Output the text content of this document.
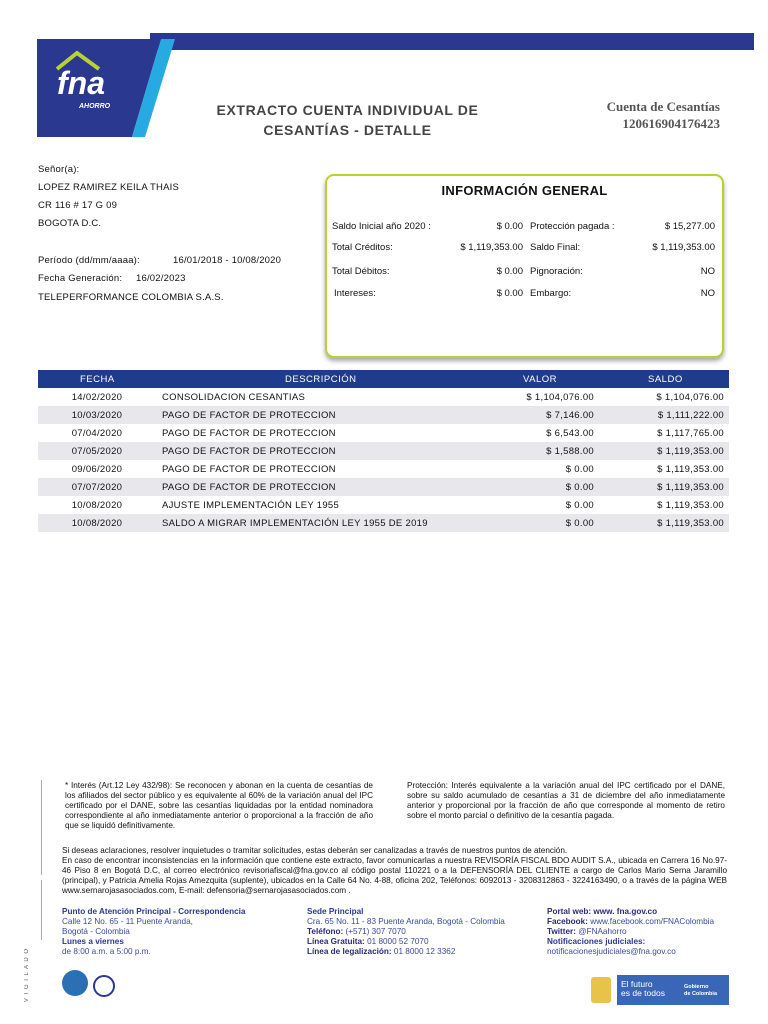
fna
AHORRO	EXTRACTO CUENTA INDIVIDUAL DE
CESANTÍAS - DETALLE
Cuenta de Cesantías
120616904176423
Señor(a):
LOPEZ RAMIREZ KEILA THAIS
CR 116 # 17 G 09
BOGOTA D.C.
Período (dd/mm/aaaa):	16/01/2018 - 10/08/2020
Fecha Generación: 16/02/2023
TELEPERFORMANCE COLOMBIA S.A.S.
INFORMACIÓN GENERAL
Saldo Inicial año 2020 :	$ 0.00
Total Créditos:	$ 1,119,353.00
Total Débitos:	$ 0.00
Intereses:	$ 0.00
Protección pagada :	$ 15,277.00
Saldo Final:	$ 1,119,353.00
Pignoración:	NO
Embargo:	NO
FECHA	DESCRIPCIÓN	VALOR	SALDO
14/02/2020	CONSOLIDACION CESANTIAS	$ 1,104,076.00	$ 1,104,076.00
10/03/2020	PAGO DE FACTOR DE PROTECCION	$ 7,146.00	$ 1,111,222.00
07/04/2020	PAGO DE FACTOR DE PROTECCION	$ 6,543.00	$ 1,117,765.00
07/05/2020	PAGO DE FACTOR DE PROTECCION	$ 1,588.00	$ 1,119,353.00
09/06/2020	PAGO DE FACTOR DE PROTECCION	$ 0.00	$ 1,119,353.00
07/07/2020	PAGO DE FACTOR DE PROTECCION	$ 0.00	$ 1,119,353.00
10/08/2020	AJUSTE IMPLEMENTACIÓN LEY 1955	$ 0.00	$ 1,119,353.00
10/08/2020	SALDO A MIGRAR IMPLEMENTACIÓN LEY 1955 DE 2019	$ 0.00	$ 1,119,353.00
* Interés (Art.12 Ley 432/98): Se reconocen y abonan en la cuenta de cesantías de los afiliados del sector público y es equivalente al 60% de la variación anual del IPC certificado por el DANE, sobre las cesantías liquidadas por la entidad nominadora correspondiente al año inmediatamente anterior o proporcional a la fracción de año que se liquidó definitivamente.
Protección: Interés equivalente a la variación anual del IPC certificado por el DANE, sobre su saldo acumulado de cesantías a 31 de diciembre del año inmediatamente anterior y proporcional por la fracción de año que corresponde al momento de retiro sobre el monto parcial o definitivo de la cesantía pagada.
Si deseas aclaraciones, resolver inquietudes o tramitar solicitudes, estas deberán ser canalizadas a través de nuestros puntos de atención.
En caso de encontrar inconsistencias en la información que contiene este extracto, favor comunicarlas a nuestra REVISORÍA FISCAL BDO AUDIT S.A., ubicada en Carrera 16 No.97-46 Piso 8 en Bogotá D.C, al correo electrónico revisoriafiscal@fna.gov.co al código postal 110221 o a la DEFENSORÍA DEL CLIENTE a cargo de Carlos Mario Serna Jaramillo (principal), y Patricia Amelia Rojas Amezquita (suplente), ubicados en la Calle 64 No. 4-88, oficina 202, Teléfonos: 6092013 - 3208312863 - 3224163490, o a través de la página WEB www.sernarojasasociados.com, E-mail: defensoria@sernarojasasociados.com .
V I G I L A D O
Punto de Atención Principal - Correspondencia
Calle 12 No. 65 - 11 Puente Aranda,
Bogotá - Colombia
Lunes a viernes
de 8:00 a.m. a 5:00 p.m.
Sede Principal
Cra. 65 No. 11 - 83 Puente Aranda, Bogotá - Colombia
Teléfono: (+571) 307 7070
Línea Gratuita: 01 8000 52 7070
Línea de legalización: 01 8000 12 3362
Portal web: www. fna.gov.co
Facebook: www.facebook.com/FNAColombia
Twitter: @FNAahorro
Notificaciones judiciales:
notificacionesjudiciales@fna.gov.co
El futuro
es de todos
Gobierno
de Colombia
